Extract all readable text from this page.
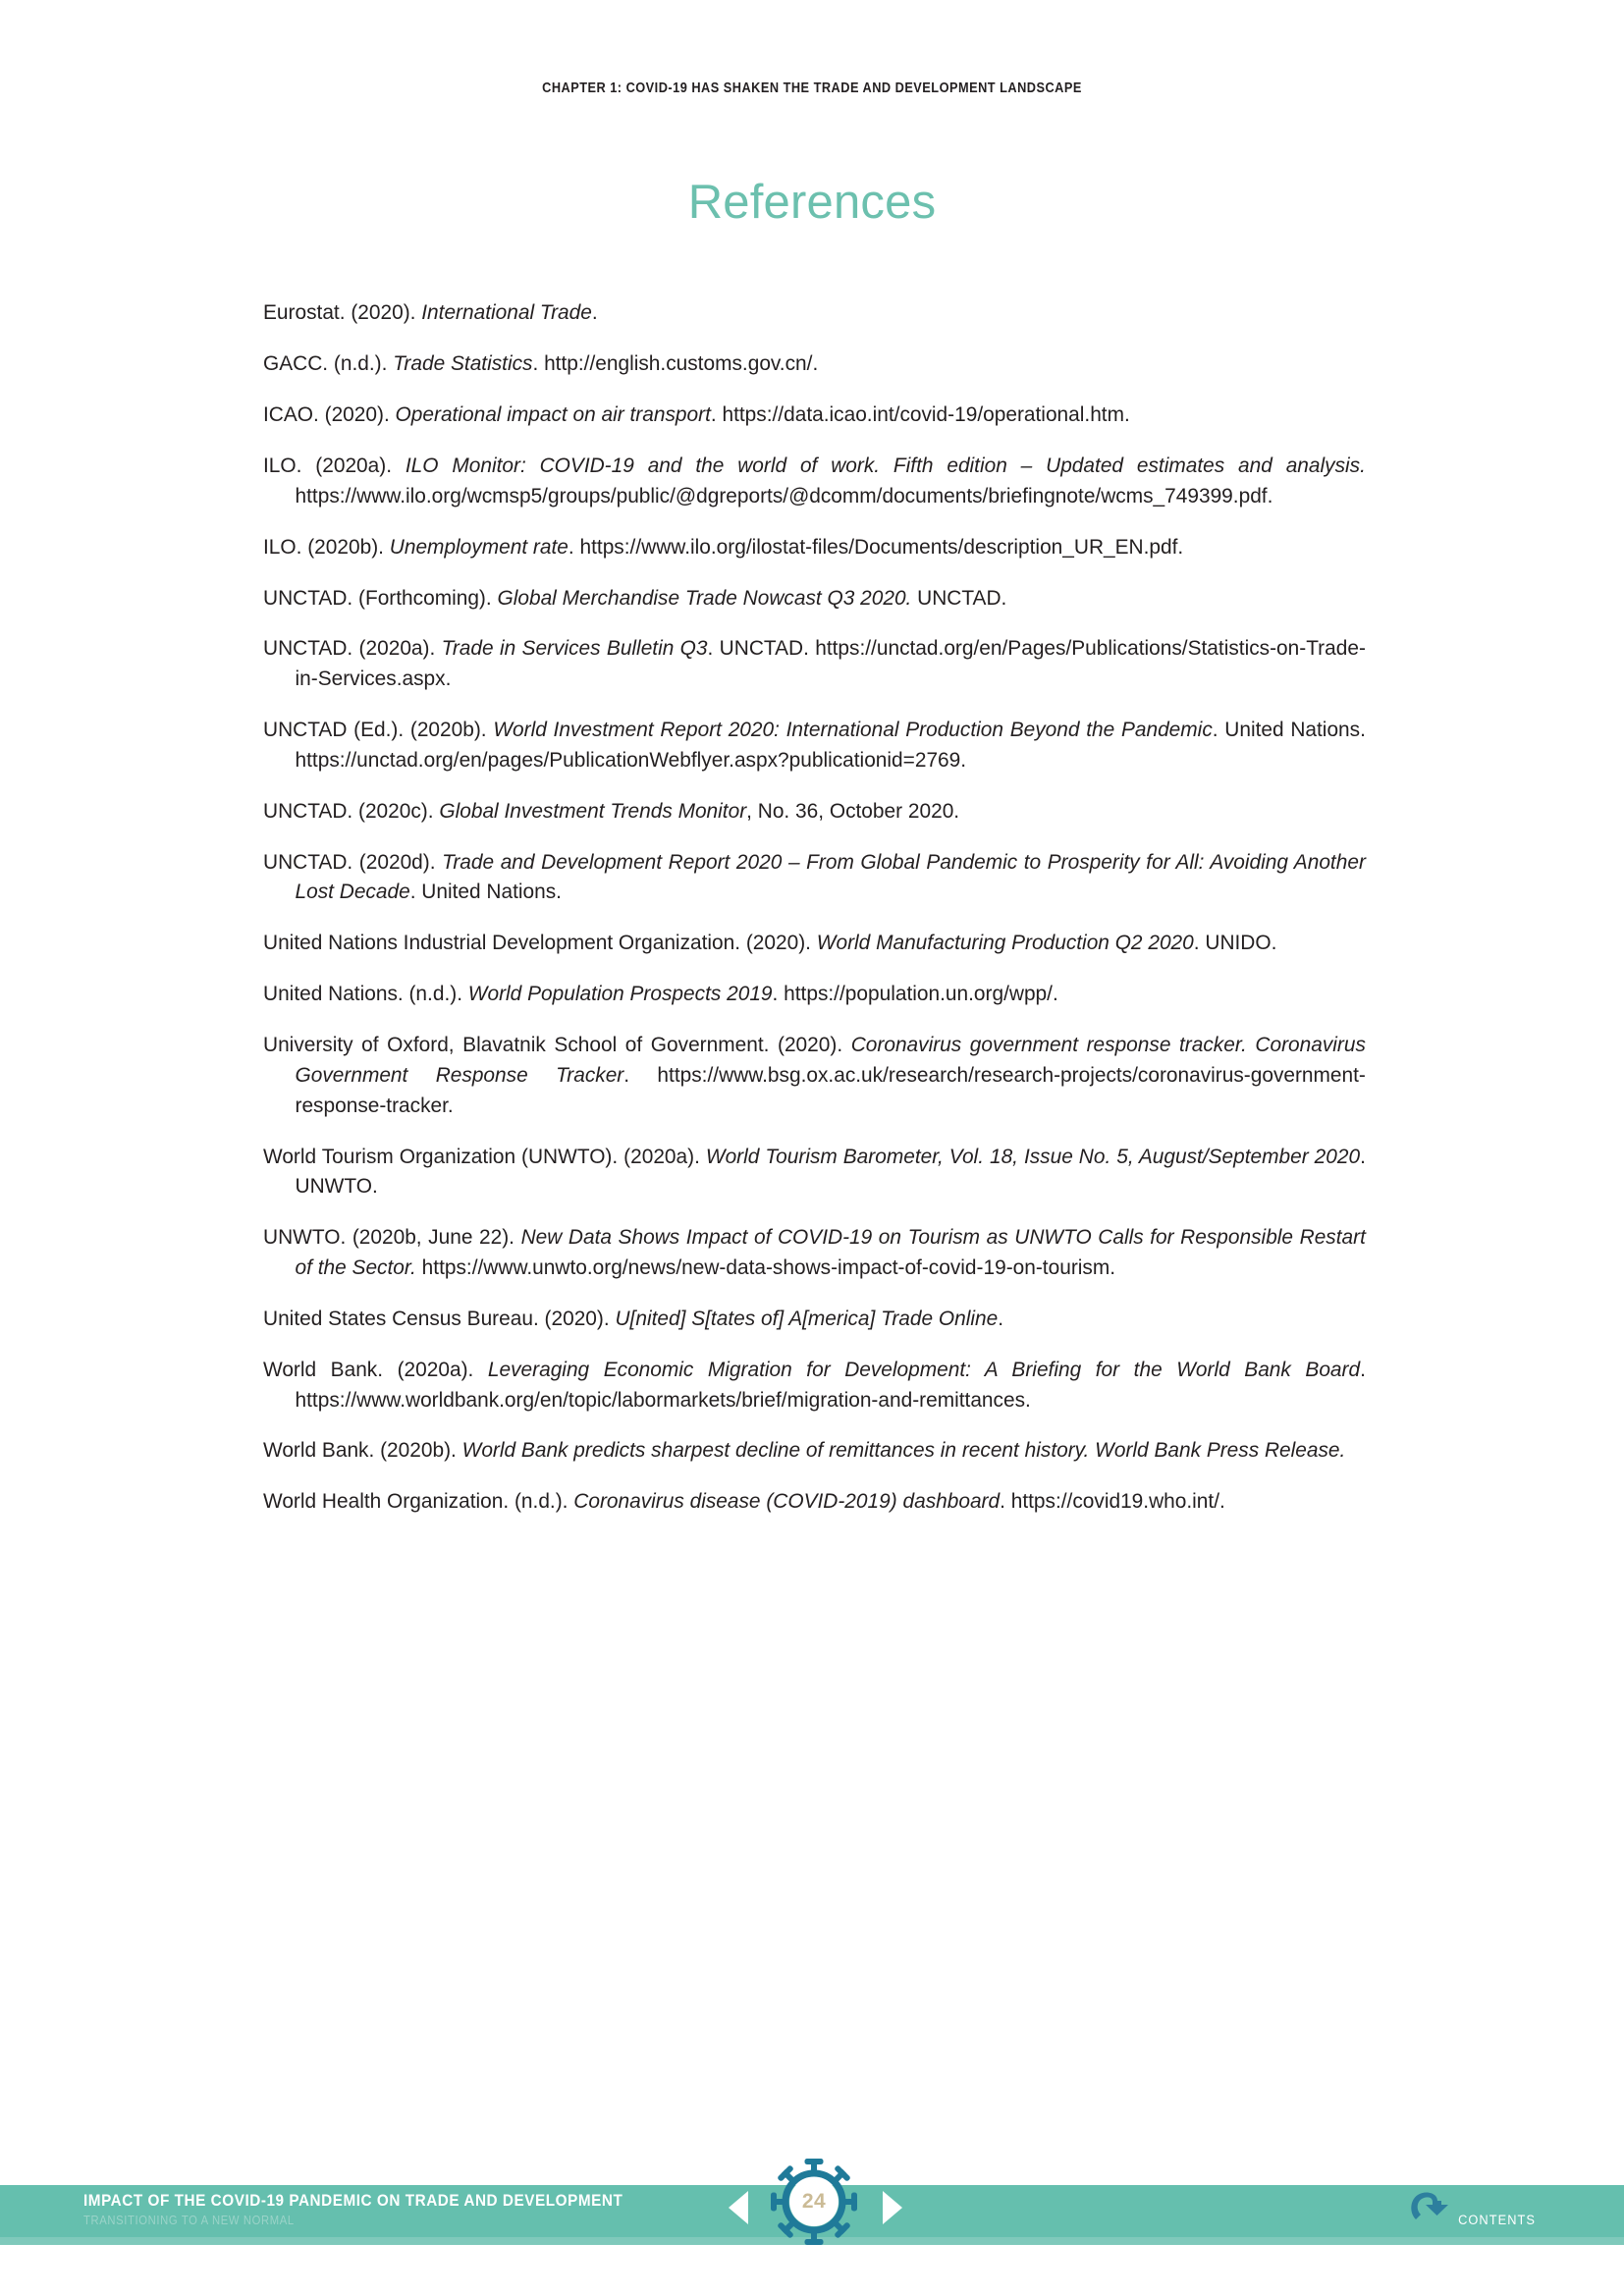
CHAPTER 1: COVID-19 HAS SHAKEN THE TRADE AND DEVELOPMENT LANDSCAPE
References

Eurostat. (2020). International Trade.

GACC. (n.d.). Trade Statistics. http://english.customs.gov.cn/.

ICAO. (2020). Operational impact on air transport. https://data.icao.int/covid-19/operational.htm.

ILO. (2020a). ILO Monitor: COVID-19 and the world of work. Fifth edition – Updated estimates and analysis. https://www.ilo.org/wcmsp5/groups/public/@dgreports/@dcomm/documents/briefingnote/wcms_749399.pdf.

ILO. (2020b). Unemployment rate. https://www.ilo.org/ilostat-files/Documents/description_UR_EN.pdf.

UNCTAD. (Forthcoming). Global Merchandise Trade Nowcast Q3 2020. UNCTAD.

UNCTAD. (2020a). Trade in Services Bulletin Q3. UNCTAD. https://unctad.org/en/Pages/Publications/Statistics-on-Trade-in-Services.aspx.

UNCTAD (Ed.). (2020b). World Investment Report 2020: International Production Beyond the Pandemic. United Nations. https://unctad.org/en/pages/PublicationWebflyer.aspx?publicationid=2769.

UNCTAD. (2020c). Global Investment Trends Monitor, No. 36, October 2020.

UNCTAD. (2020d). Trade and Development Report 2020 – From Global Pandemic to Prosperity for All: Avoiding Another Lost Decade. United Nations.

United Nations Industrial Development Organization. (2020). World Manufacturing Production Q2 2020. UNIDO.

United Nations. (n.d.). World Population Prospects 2019. https://population.un.org/wpp/.

University of Oxford, Blavatnik School of Government. (2020). Coronavirus government response tracker. Coronavirus Government Response Tracker. https://www.bsg.ox.ac.uk/research/research-projects/coronavirus-government-response-tracker.

World Tourism Organization (UNWTO). (2020a). World Tourism Barometer, Vol. 18, Issue No. 5, August/September 2020. UNWTO.

UNWTO. (2020b, June 22). New Data Shows Impact of COVID-19 on Tourism as UNWTO Calls for Responsible Restart of the Sector. https://www.unwto.org/news/new-data-shows-impact-of-covid-19-on-tourism.

United States Census Bureau. (2020). U[nited] S[tates of] A[merica] Trade Online.

World Bank. (2020a). Leveraging Economic Migration for Development: A Briefing for the World Bank Board. https://www.worldbank.org/en/topic/labormarkets/brief/migration-and-remittances.

World Bank. (2020b). World Bank predicts sharpest decline of remittances in recent history. World Bank Press Release.

World Health Organization. (n.d.). Coronavirus disease (COVID-2019) dashboard. https://covid19.who.int/.

IMPACT OF THE COVID-19 PANDEMIC ON TRADE AND DEVELOPMENT
TRANSITIONING TO A NEW NORMAL
24
CONTENTS
